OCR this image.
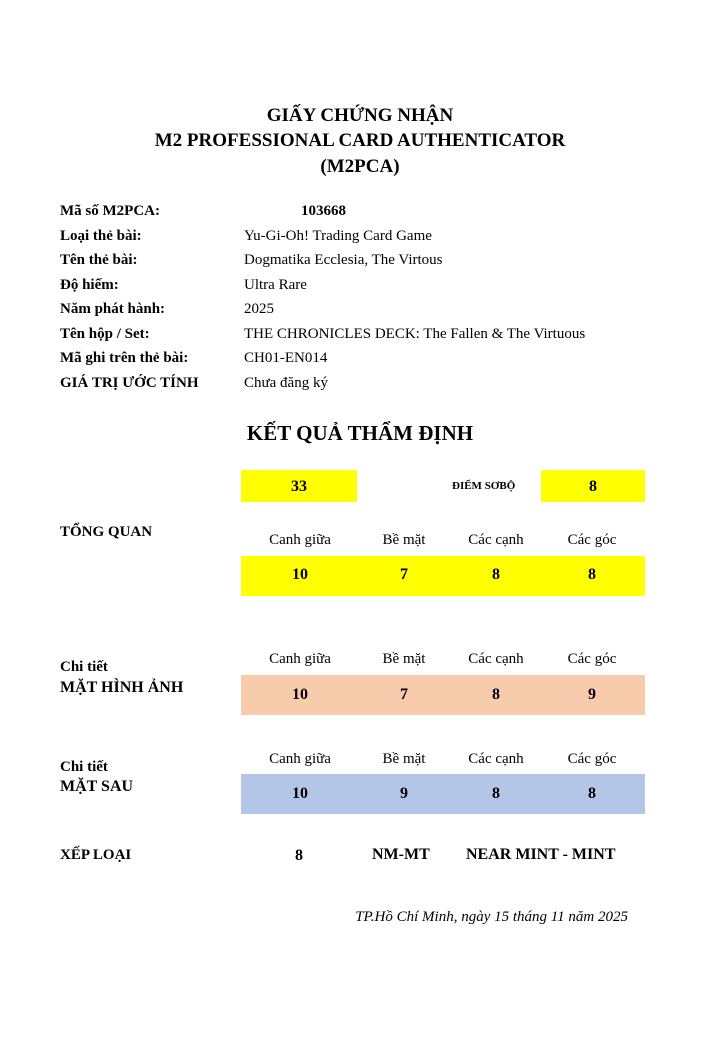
GIẤY CHỨNG NHẬN
M2 PROFESSIONAL CARD AUTHENTICATOR
(M2PCA)
Mã số M2PCA:	103668
Loại thẻ bài:	Yu-Gi-Oh! Trading Card Game
Tên thẻ bài:	Dogmatika Ecclesia, The Virtous
Độ hiếm:	Ultra Rare
Năm phát hành:	2025
Tên hộp / Set:	THE CHRONICLES DECK: The Fallen & The Virtuous
Mã ghi trên thẻ bài:	CH01-EN014
GIÁ TRỊ ƯỚC TÍNH	Chưa đăng ký
KẾT QUẢ THẨM ĐỊNH
33	ĐIỂM SƠBỘ	8
TỔNG QUAN	Canh giữa	Bề mặt	Các cạnh	Các góc
10	7	8	8
Chi tiết
MẶT HÌNH ẢNH
Canh giữa	Bề mặt	Các cạnh	Các góc
10	7	8	9
Chi tiết
MẶT SAU
Canh giữa	Bề mặt	Các cạnh	Các góc
10	9	8	8
XẾP LOẠI	8	NM-MT NEAR MINT - MINT
TP.Hồ Chí Minh, ngày 15 tháng 11 năm 2025
